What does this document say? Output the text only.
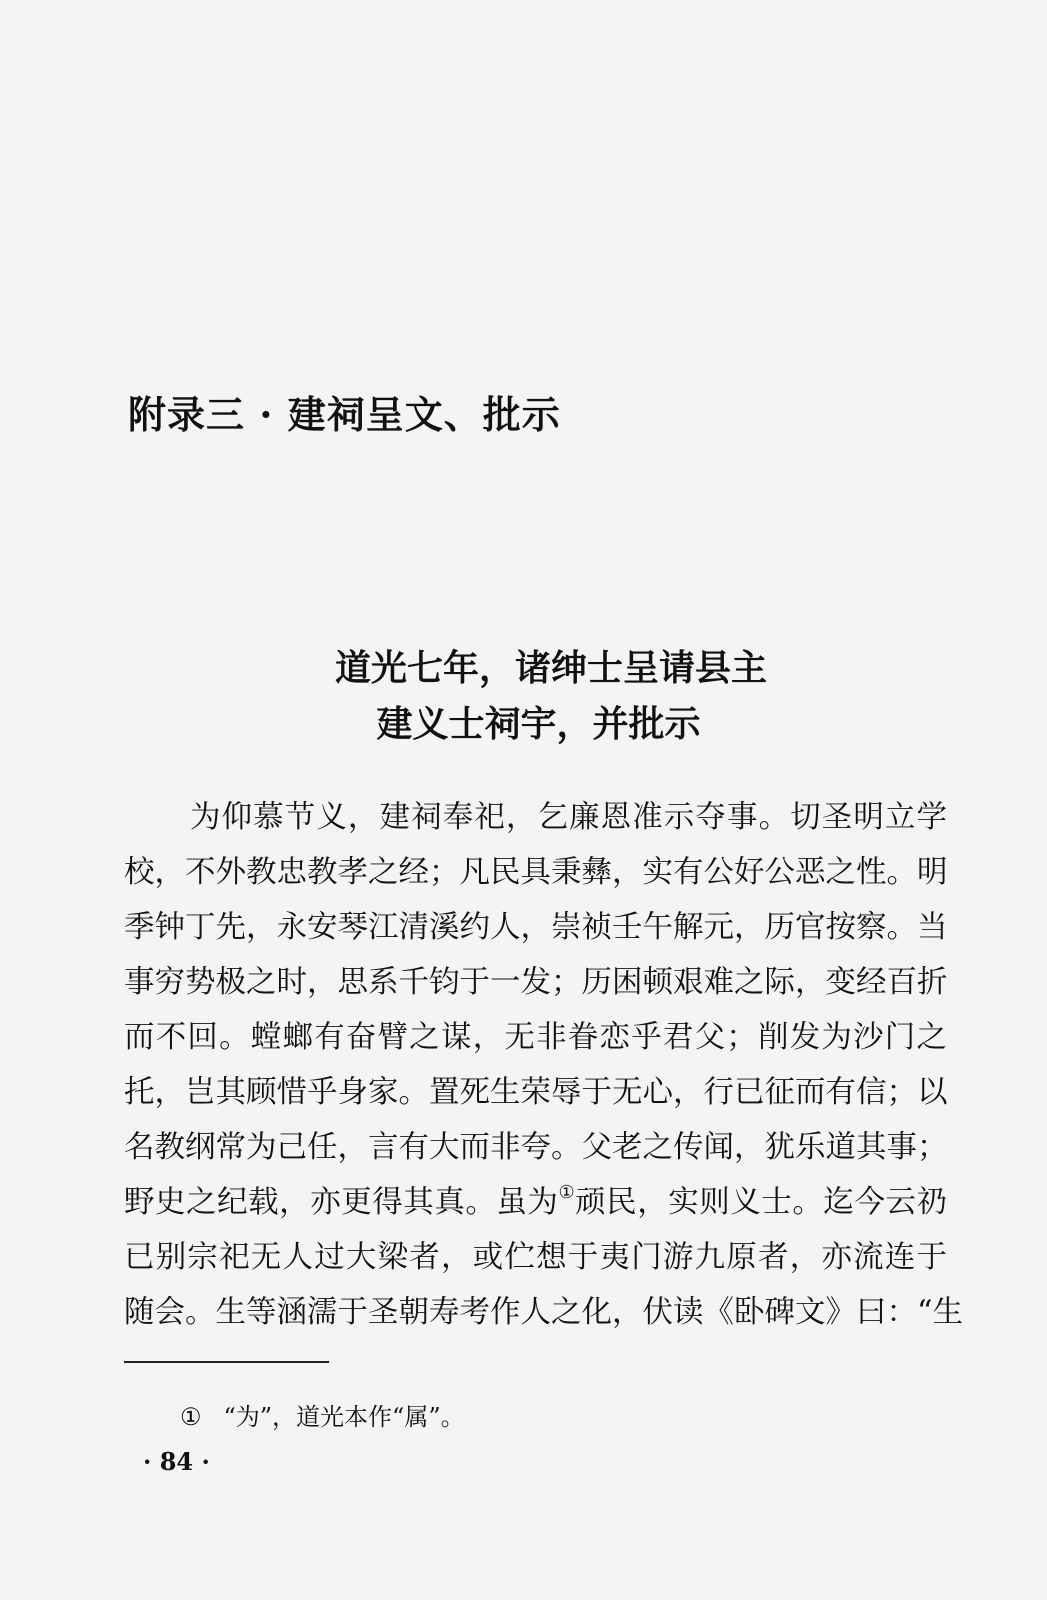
附录三 · 建祠呈文、批示
道光七年，诸绅士呈请县主
建义士祠宇，并批示
为仰慕节义，建祠奉祀，乞廉恩准示夺事。切圣明立学
校，不外教忠教孝之经；凡民具秉彝，实有公好公恶之性。明
季钟丁先，永安琴江清溪约人，崇祯壬午解元，历官按察。当
事穷势极之时，思系千钧于一发；历困顿艰难之际，变经百折
而不回。螳螂有奋臂之谋，无非眷恋乎君父；削发为沙门之
托，岂其顾惜乎身家。置死生荣辱于无心，行已征而有信；以
名教纲常为己任，言有大而非夸。父老之传闻，犹乐道其事；
野史之纪载，亦更得其真。虽为①顽民，实则义士。迄今云礽
已别宗祀无人过大梁者，或伫想于夷门游九原者，亦流连于
随会。生等涵濡于圣朝寿考作人之化，伏读《卧碑文》曰：“生
① “为”，道光本作“属”。
· 84 ·
